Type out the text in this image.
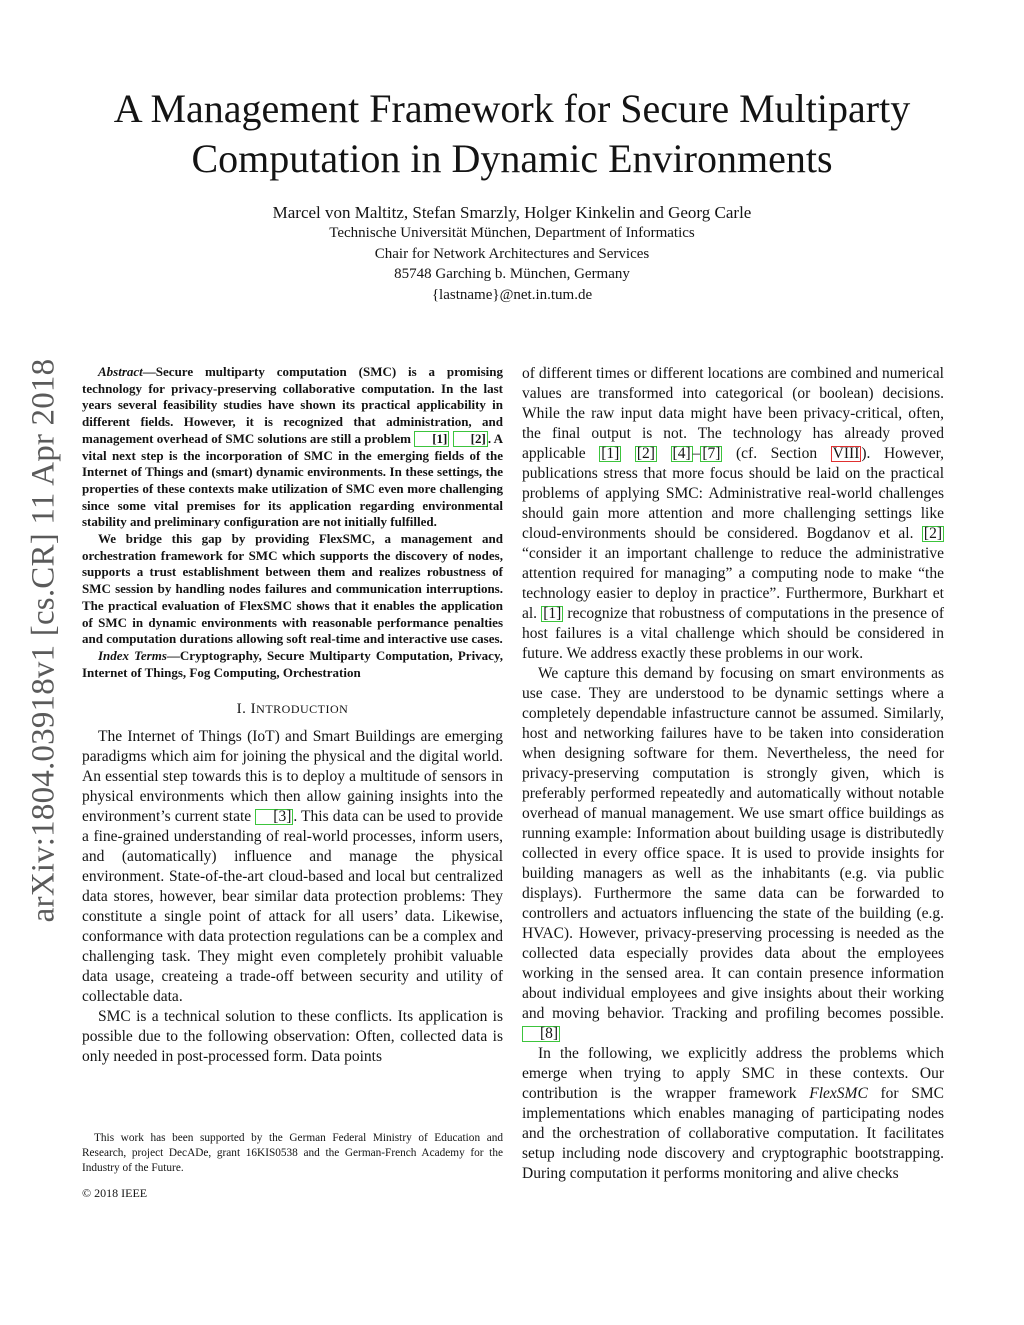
arXiv:1804.03918v1 [cs.CR] 11 Apr 2018
A Management Framework for Secure Multiparty Computation in Dynamic Environments
Marcel von Maltitz, Stefan Smarzly, Holger Kinkelin and Georg Carle
Technische Universität München, Department of Informatics
Chair for Network Architectures and Services
85748 Garching b. München, Germany
{lastname}@net.in.tum.de

Abstract—Secure multiparty computation (SMC) is a promising technology for privacy-preserving collaborative computation. In the last years several feasibility studies have shown its practical applicability in different fields. However, it is recognized that administration, and management overhead of SMC solutions are still a problem [1] [2] . A vital next step is the incorporation of SMC in the emerging fields of the Internet of Things and (smart) dynamic environments. In these settings, the properties of these contexts make utilization of SMC even more challenging since some vital premises for its application regarding environmental stability and preliminary configuration are not initially fulfilled.

We bridge this gap by providing FlexSMC, a management and orchestration framework for SMC which supports the discovery of nodes, supports a trust establishment between them and realizes robustness of SMC session by handling nodes failures and communication interruptions. The practical evaluation of FlexSMC shows that it enables the application of SMC in dynamic environments with reasonable performance penalties and computation durations allowing soft real-time and interactive use cases.

Index Terms—Cryptography, Secure Multiparty Computation, Privacy, Internet of Things, Fog Computing, Orchestration

I. INTRODUCTION

The Internet of Things (IoT) and Smart Buildings are emerging paradigms which aim for joining the physical and the digital world. An essential step towards this is to deploy a multitude of sensors in physical environments which then allow gaining insights into the environment’s current state [3] . This data can be used to provide a fine-grained understanding of real-world processes, inform users, and (automatically) influence and manage the physical environment. State-of-the-art cloud-based and local but centralized data stores, however, bear similar data protection problems: They constitute a single point of attack for all users’ data. Likewise, conformance with data protection regulations can be a complex and challenging task. They might even completely prohibit valuable data usage, createing a trade-off between security and utility of collectable data.

SMC is a technical solution to these conflicts. Its application is possible due to the following observation: Often, collected data is only needed in post-processed form. Data points

This work has been supported by the German Federal Ministry of Education and Research, project DecADe, grant 16KIS0538 and the German-French Academy for the Industry of the Future.

© 2018 IEEE

of different times or different locations are combined and numerical values are transformed into categorical (or boolean) decisions. While the raw input data might have been privacy-critical, often, the final output is not. The technology has already proved applicable [1] [2] [4] – [7] (cf. Section VIII ). However, publications stress that more focus should be laid on the practical problems of applying SMC: Administrative real-world challenges should gain more attention and more challenging settings like cloud-environments should be considered. Bogdanov et al. [2] “consider it an important challenge to reduce the administrative attention required for managing” a computing node to make “the technology easier to deploy in practice”. Furthermore, Burkhart et al. [1] recognize that robustness of computations in the presence of host failures is a vital challenge which should be considered in future. We address exactly these problems in our work.

We capture this demand by focusing on smart environments as use case. They are understood to be dynamic settings where a completely dependable infastructure cannot be assumed. Similarly, host and networking failures have to be taken into consideration when designing software for them. Nevertheless, the need for privacy-preserving computation is strongly given, which is preferably performed repeatedly and automatically without notable overhead of manual management. We use smart office buildings as running example: Information about building usage is distributedly collected in every office space. It is used to provide insights for building managers as well as the inhabitants (e.g. via public displays). Furthermore the same data can be forwarded to controllers and actuators influencing the state of the building (e.g. HVAC). However, privacy-preserving processing is needed as the collected data especially provides data about the employees working in the sensed area. It can contain presence information about individual employees and give insights about their working and moving behavior. Tracking and profiling becomes possible. [8]

In the following, we explicitly address the problems which emerge when trying to apply SMC in these contexts. Our contribution is the wrapper framework FlexSMC for SMC implementations which enables managing of participating nodes and the orchestration of collaborative computation. It facilitates setup including node discovery and cryptographic bootstrapping. During computation it performs monitoring and alive checks
